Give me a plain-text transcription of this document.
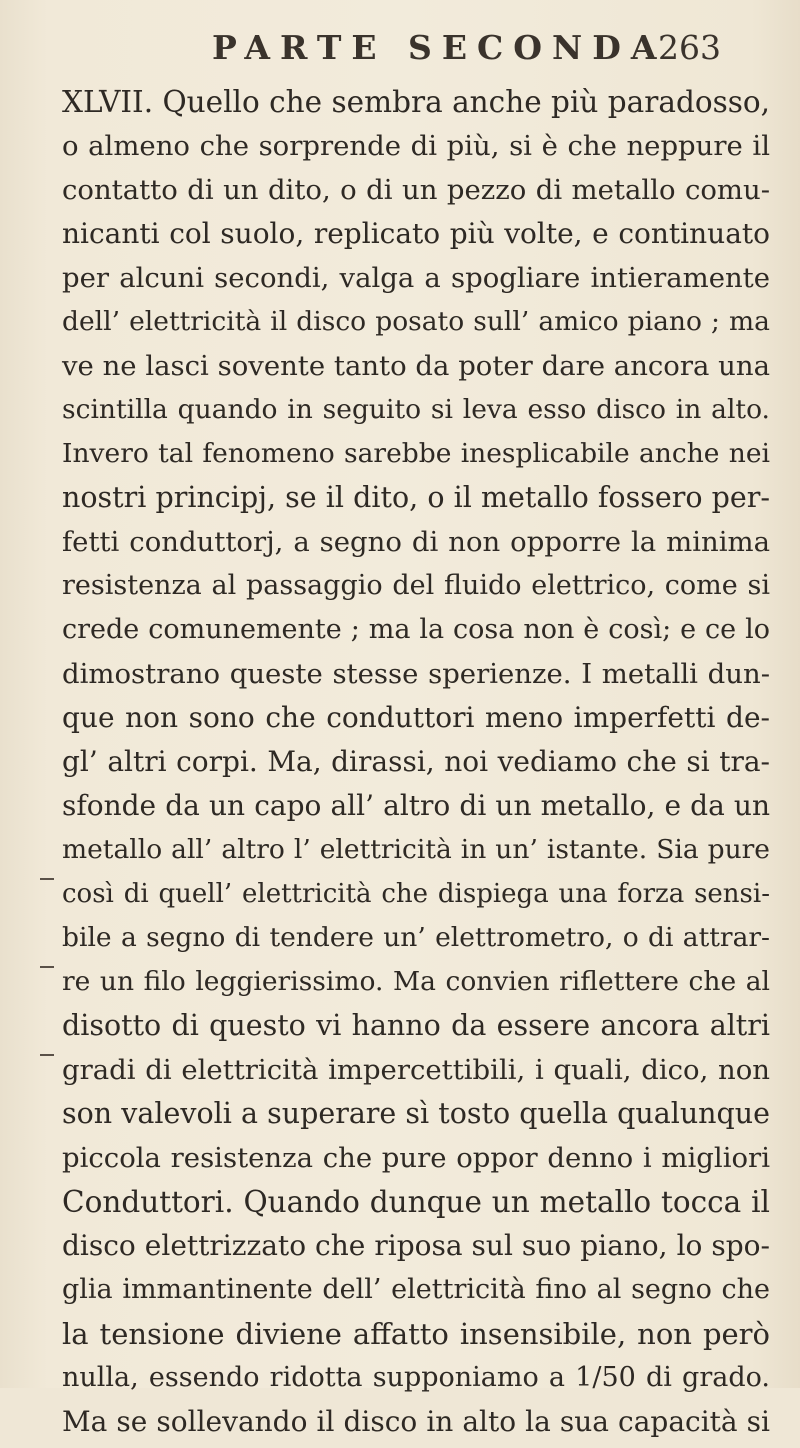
PARTE SECONDA
263
XLVII. Quello che sembra anche più paradosso,
o almeno che sorprende di più, si è che neppure il
contatto di un dito, o di un pezzo di metallo comu-
nicanti col suolo, replicato più volte, e continuato
per alcuni secondi, valga a spogliare intieramente
dell’ elettricità il disco posato sull’ amico piano ; ma
ve ne lasci sovente tanto da poter dare ancora una
scintilla quando in seguito si leva esso disco in alto.
Invero tal fenomeno sarebbe inesplicabile anche nei
nostri principj, se il dito, o il metallo fossero per-
fetti conduttorj, a segno di non opporre la minima
resistenza al passaggio del fluido elettrico, come si
crede comunemente ; ma la cosa non è così; e ce lo
dimostrano queste stesse sperienze. I metalli dun-
que non sono che conduttori meno imperfetti de-
gl’ altri corpi. Ma, dirassi, noi vediamo che si tra-
sfonde da un capo all’ altro di un metallo, e da un
metallo all’ altro l’ elettricità in un’ istante. Sia pure
così di quell’ elettricità che dispiega una forza sensi-
bile a segno di tendere un’ elettrometro, o di attrar-
re un filo leggierissimo. Ma convien riflettere che al
disotto di questo vi hanno da essere ancora altri
gradi di elettricità impercettibili, i quali, dico, non
son valevoli a superare sì tosto quella qualunque
piccola resistenza che pure oppor denno i migliori
Conduttori. Quando dunque un metallo tocca il
disco elettrizzato che riposa sul suo piano, lo spo-
glia immantinente dell’ elettricità fino al segno che
la tensione diviene affatto insensibile, non però
nulla, essendo ridotta supponiamo a 1/50 di grado.
Ma se sollevando il disco in alto la sua capacità si
